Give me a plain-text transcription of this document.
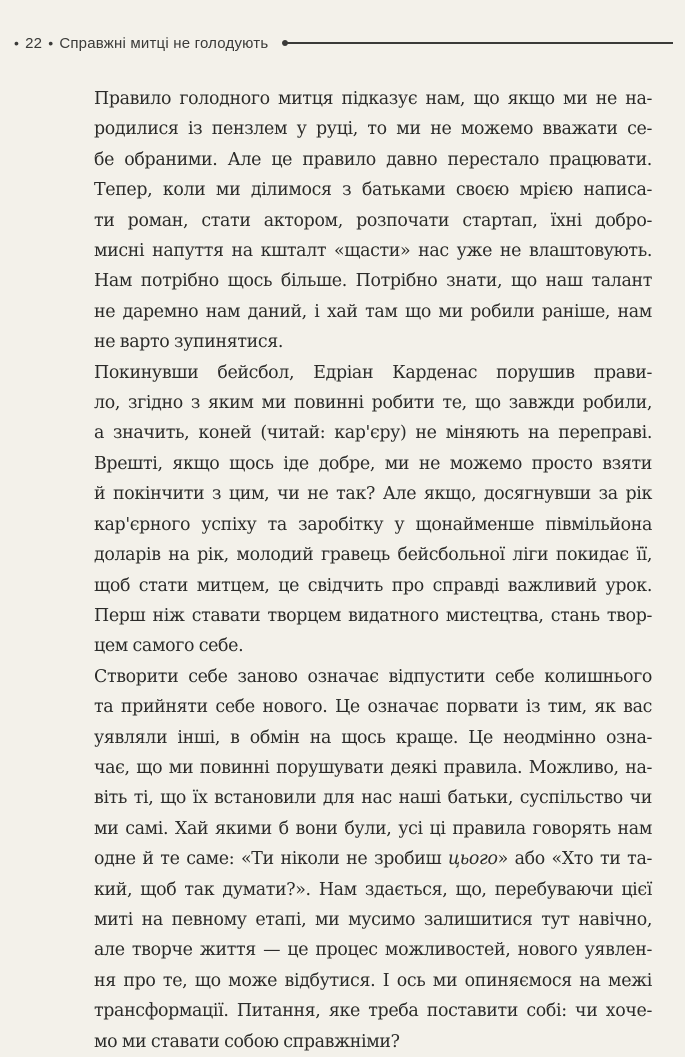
• 22 • Справжні митці не голодують

Правило голодного митця підказує нам, що якщо ми не на-
родилися із пензлем у руці, то ми не можемо вважати се-
бе обраними. Але це правило давно перестало працювати.
Тепер, коли ми ділимося з батьками своєю мрією написа-
ти роман, стати актором, розпочати стартап, їхні добро-
мисні напуття на кшталт «щасти» нас уже не влаштовують.
Нам потрібно щось більше. Потрібно знати, що наш талант
не даремно нам даний, і хай там що ми робили раніше, нам
не варто зупинятися.

Покинувши бейсбол, Едріан Карденас порушив прави-
ло, згідно з яким ми повинні робити те, що завжди робили,
а значить, коней (читай: кар'єру) не міняють на переправі.
Врешті, якщо щось іде добре, ми не можемо просто взяти
й покінчити з цим, чи не так? Але якщо, досягнувши за рік
кар'єрного успіху та заробітку у щонайменше півмільйона
доларів на рік, молодий гравець бейсбольної ліги покидає її,
щоб стати митцем, це свідчить про справді важливий урок.
Перш ніж ставати творцем видатного мистецтва, стань твор-
цем самого себе.

Створити себе заново означає відпустити себе колишнього
та прийняти себе нового. Це означає порвати із тим, як вас
уявляли інші, в обмін на щось краще. Це неодмінно озна-
чає, що ми повинні порушувати деякі правила. Можливо, на-
віть ті, що їх встановили для нас наші батьки, суспільство чи
ми самі. Хай якими б вони були, усі ці правила говорять нам
одне й те саме: «Ти ніколи не зробиш цього» або «Хто ти та-
кий, щоб так думати?». Нам здається, що, перебуваючи цієї
миті на певному етапі, ми мусимо залишитися тут навічно,
але творче життя — це процес можливостей, нового уявлен-
ня про те, що може відбутися. І ось ми опиняємося на межі
трансформації. Питання, яке треба поставити собі: чи хоче-
мо ми ставати собою справжніми?
